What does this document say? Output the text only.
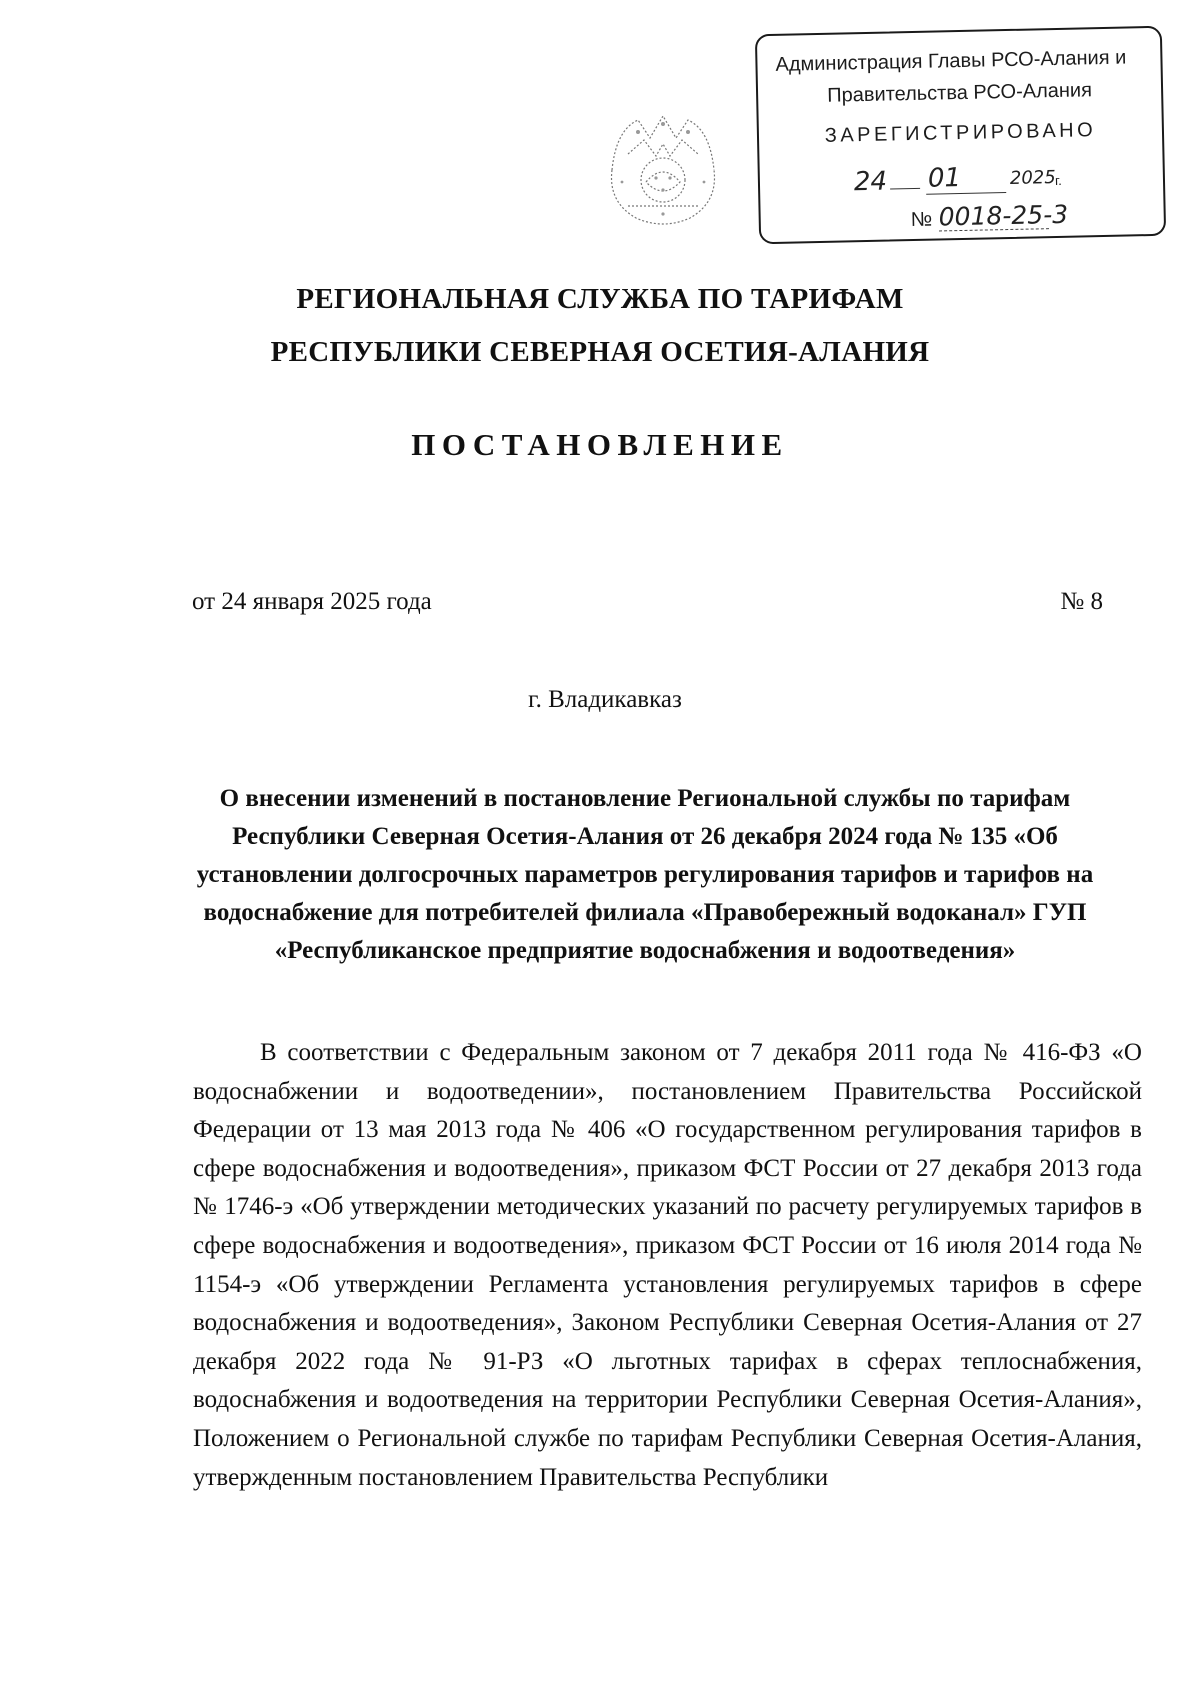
Администрация Главы РСО-Алания и
Правительства РСО-Алания
ЗАРЕГИСТРИРОВАНО
24 01	2025
г.
№ 0018-25-3
РЕГИОНАЛЬНАЯ СЛУЖБА ПО ТАРИФАМ
РЕСПУБЛИКИ СЕВЕРНАЯ ОСЕТИЯ-АЛАНИЯ
ПОСТАНОВЛЕНИЕ
от 24 января 2025 года	№ 8
г. Владикавказ
О внесении изменений в постановление Региональной службы по тарифам Республики Северная Осетия-Алания от 26 декабря 2024 года № 135 «Об установлении долгосрочных параметров регулирования тарифов и тарифов на водоснабжение для потребителей филиала «Правобережный водоканал» ГУП «Республиканское предприятие водоснабжения и водоотведения»
В соответствии с Федеральным законом от 7 декабря 2011 года № 416-ФЗ «О водоснабжении и водоотведении», постановлением Правительства Российской Федерации от 13 мая 2013 года № 406 «О государственном регулирования тарифов в сфере водоснабжения и водоотведения», приказом ФСТ России от 27 декабря 2013 года № 1746-э «Об утверждении методических указаний по расчету регулируемых тарифов в сфере водоснабжения и водоотведения», приказом ФСТ России от 16 июля 2014 года № 1154-э «Об утверждении Регламента установления регулируемых тарифов в сфере водоснабжения и водоотведения», Законом Республики Северная Осетия-Алания от 27 декабря 2022 года № 91-РЗ «О льготных тарифах в сферах теплоснабжения, водоснабжения и водоотведения на территории Республики Северная Осетия-Алания», Положением о Региональной службе по тарифам Республики Северная Осетия-Алания, утвержденным постановлением Правительства Республики
